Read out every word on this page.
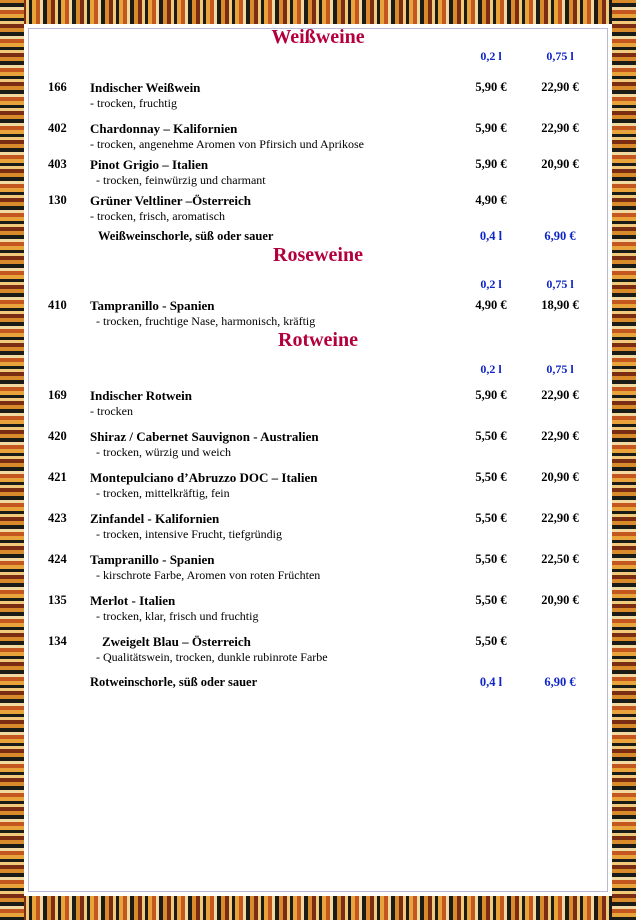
Weißweine
		0,2 l	0,75 l

166	Indischer Weißwein	5,90 €	22,90 €
	- trocken, fruchtig		

402	Chardonnay – Kalifornien	5,90 €	22,90 €
	- trocken, angenehme Aromen von Pfirsich und Aprikose		

403	Pinot Grigio – Italien	5,90 €	20,90 €
	- trocken, feinwürzig und charmant		

130	Grüner Veltliner –Österreich	4,90 €	
	- trocken, frisch, aromatisch		

	Weißweinschorle, süß oder sauer	0,4 l	6,90 €
Roseweine

		0,2 l	0,75 l
410	Tampranillo - Spanien	4,90 €	18,90 €
	- trocken, fruchtige Nase, harmonisch, kräftig		
Rotweine

		0,2 l	0,75 l

169	Indischer Rotwein	5,90 €	22,90 €
	- trocken		

420	Shiraz / Cabernet Sauvignon - Australien	5,50 €	22,90 €
	- trocken, würzig und weich		

421	Montepulciano d’Abruzzo DOC – Italien	5,50 €	20,90 €
	- trocken, mittelkräftig, fein		

423	Zinfandel - Kalifornien	5,50 €	22,90 €
	- trocken, intensive Frucht, tiefgründig		

424	Tampranillo - Spanien	5,50 €	22,50 €
	- kirschrote Farbe, Aromen von roten Früchten		

135	Merlot - Italien	5,50 €	20,90 €
	- trocken, klar, frisch und fruchtig		

134	Zweigelt Blau – Österreich	5,50 €	
	- Qualitätswein, trocken, dunkle rubinrote Farbe		

	Rotweinschorle, süß oder sauer	0,4 l	6,90 €
